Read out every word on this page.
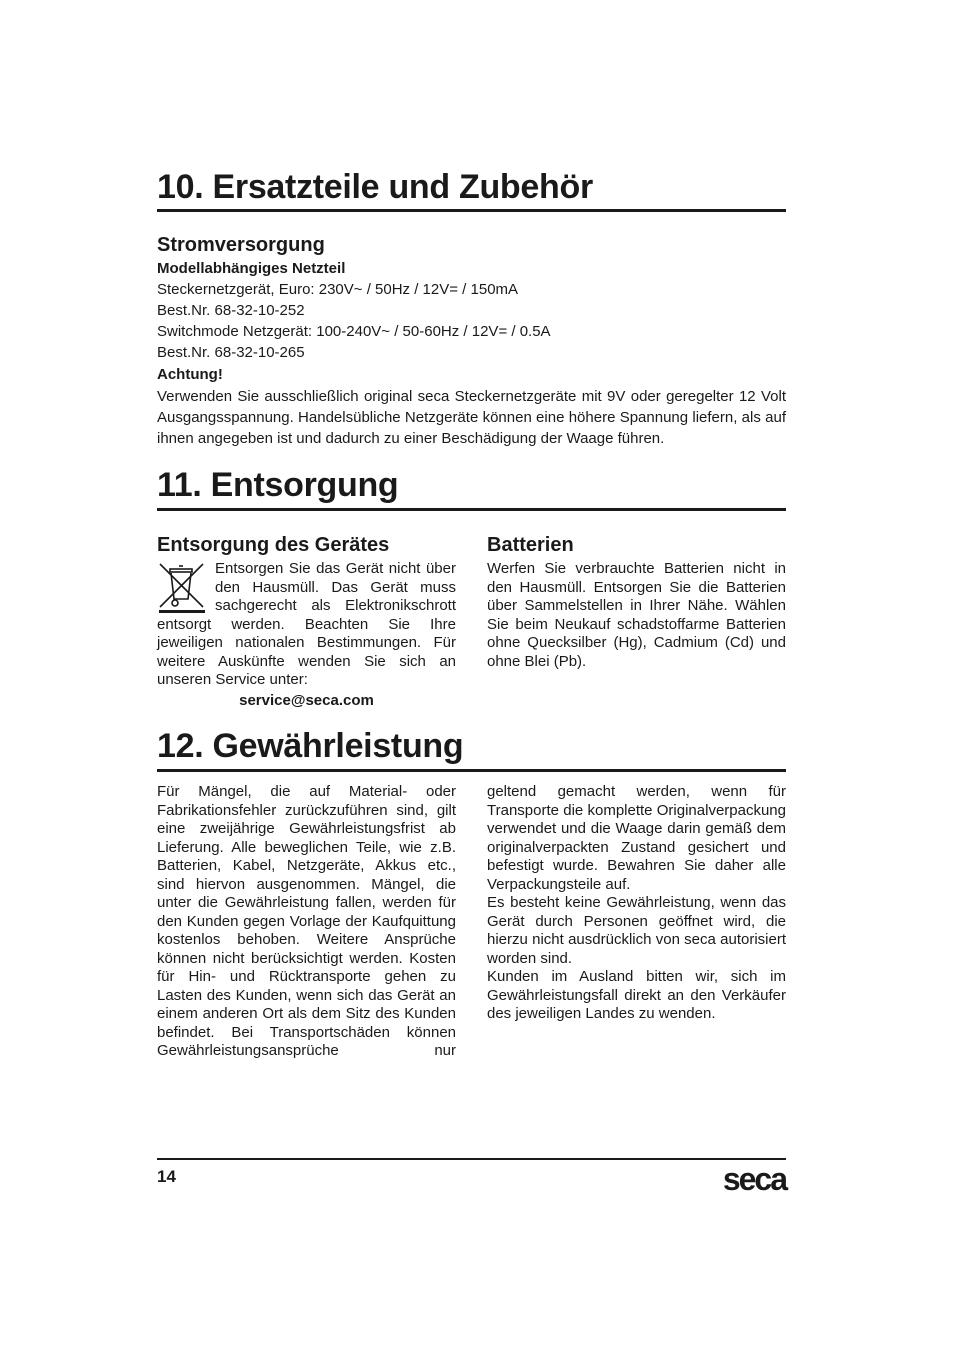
10. Ersatzteile und Zubehör
Stromversorgung
Modellabhängiges Netzteil
Steckernetzgerät, Euro: 230V~ / 50Hz / 12V= / 150mA
Best.Nr. 68-32-10-252
Switchmode Netzgerät: 100-240V~ / 50-60Hz / 12V= / 0.5A
Best.Nr. 68-32-10-265
Achtung!
Verwenden Sie ausschließlich original seca Steckernetzgeräte mit 9V oder geregelter 12 Volt Ausgangsspannung. Handelsübliche Netzgeräte können eine höhere Spannung liefern, als auf ihnen angegeben ist und dadurch zu einer Beschädigung der Waage führen.
11. Entsorgung
Entsorgung des Gerätes
Entsorgen Sie das Gerät nicht über den Hausmüll. Das Gerät muss sachgerecht als Elektronikschrott entsorgt werden. Beachten Sie Ihre jeweiligen nationalen Bestimmungen. Für weitere Auskünfte wenden Sie sich an unseren Service unter:
service@seca.com
Batterien
Werfen Sie verbrauchte Batterien nicht in den Hausmüll. Entsorgen Sie die Batterien über Sammelstellen in Ihrer Nähe. Wählen Sie beim Neukauf schadstoffarme Batterien ohne Quecksilber (Hg), Cadmium (Cd) und ohne Blei (Pb).
12. Gewährleistung
Für Mängel, die auf Material- oder Fabrikationsfehler zurückzuführen sind, gilt eine zweijährige Gewährleistungsfrist ab Lieferung. Alle beweglichen Teile, wie z.B. Batterien, Kabel, Netzgeräte, Akkus etc., sind hiervon ausgenommen. Mängel, die unter die Gewährleistung fallen, werden für den Kunden gegen Vorlage der Kaufquittung kostenlos behoben. Weitere Ansprüche können nicht berücksichtigt werden. Kosten für Hin- und Rücktransporte gehen zu Lasten des Kunden, wenn sich das Gerät an einem anderen Ort als dem Sitz des Kunden befindet. Bei Transportschäden können Gewährleistungsansprüche nur

geltend gemacht werden, wenn für Transporte die komplette Originalverpackung verwendet und die Waage darin gemäß dem originalverpackten Zustand gesichert und befestigt wurde. Bewahren Sie daher alle Verpackungsteile auf.

Es besteht keine Gewährleistung, wenn das Gerät durch Personen geöffnet wird, die hierzu nicht ausdrücklich von seca autorisiert worden sind.

Kunden im Ausland bitten wir, sich im Gewährleistungsfall direkt an den Verkäufer des jeweiligen Landes zu wenden.

14	seca
